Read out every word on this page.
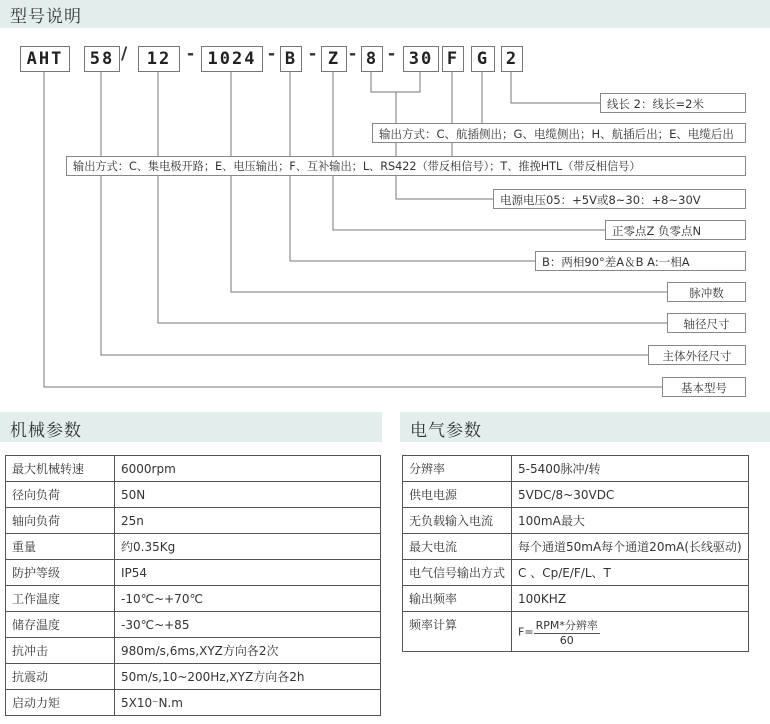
型号说明
AHT	58 /	12 - 1024 - B - Z - 8 - 30 F	G 2
线长 2：线长=2米
输出方式：C、航插侧出；G、电缆侧出；H、航插后出；E、电缆后出
输出方式：C、集电极开路；E、电压输出；F、互补输出；L、RS422（带反相信号）；T、推挽HTL（带反相信号）
电源电压05：+5V或8~30：+8~30V
正零点Z 负零点N
B：两相90°差A＆B A:一相A
脉冲数
轴径尺寸
主体外径尺寸
基本型号
机械参数	电气参数
最大机械转速	6000rpm
径向负荷	50N
轴向负荷	25n
重量	约0.35Kg
防护等级	IP54
工作温度	-10℃~+70℃
储存温度	-30℃~+85
抗冲击	980m/s,6ms,XYZ方向各2次
抗震动	50m/s,10~200Hz,XYZ方向各2h
启动力矩	5X10⁻N.m
分辨率	5-5400脉冲/转
供电电源	5VDC/8~30VDC
无负载输入电流	100mA最大
最大电流	每个通道50mA每个通道20mA(长线驱动)
电气信号输出方式	C 、Cp/E/F/L、T
输出频率	100KHZ
频率计算	$F= \frac{\text{RPM*分辨率}}{60}$
